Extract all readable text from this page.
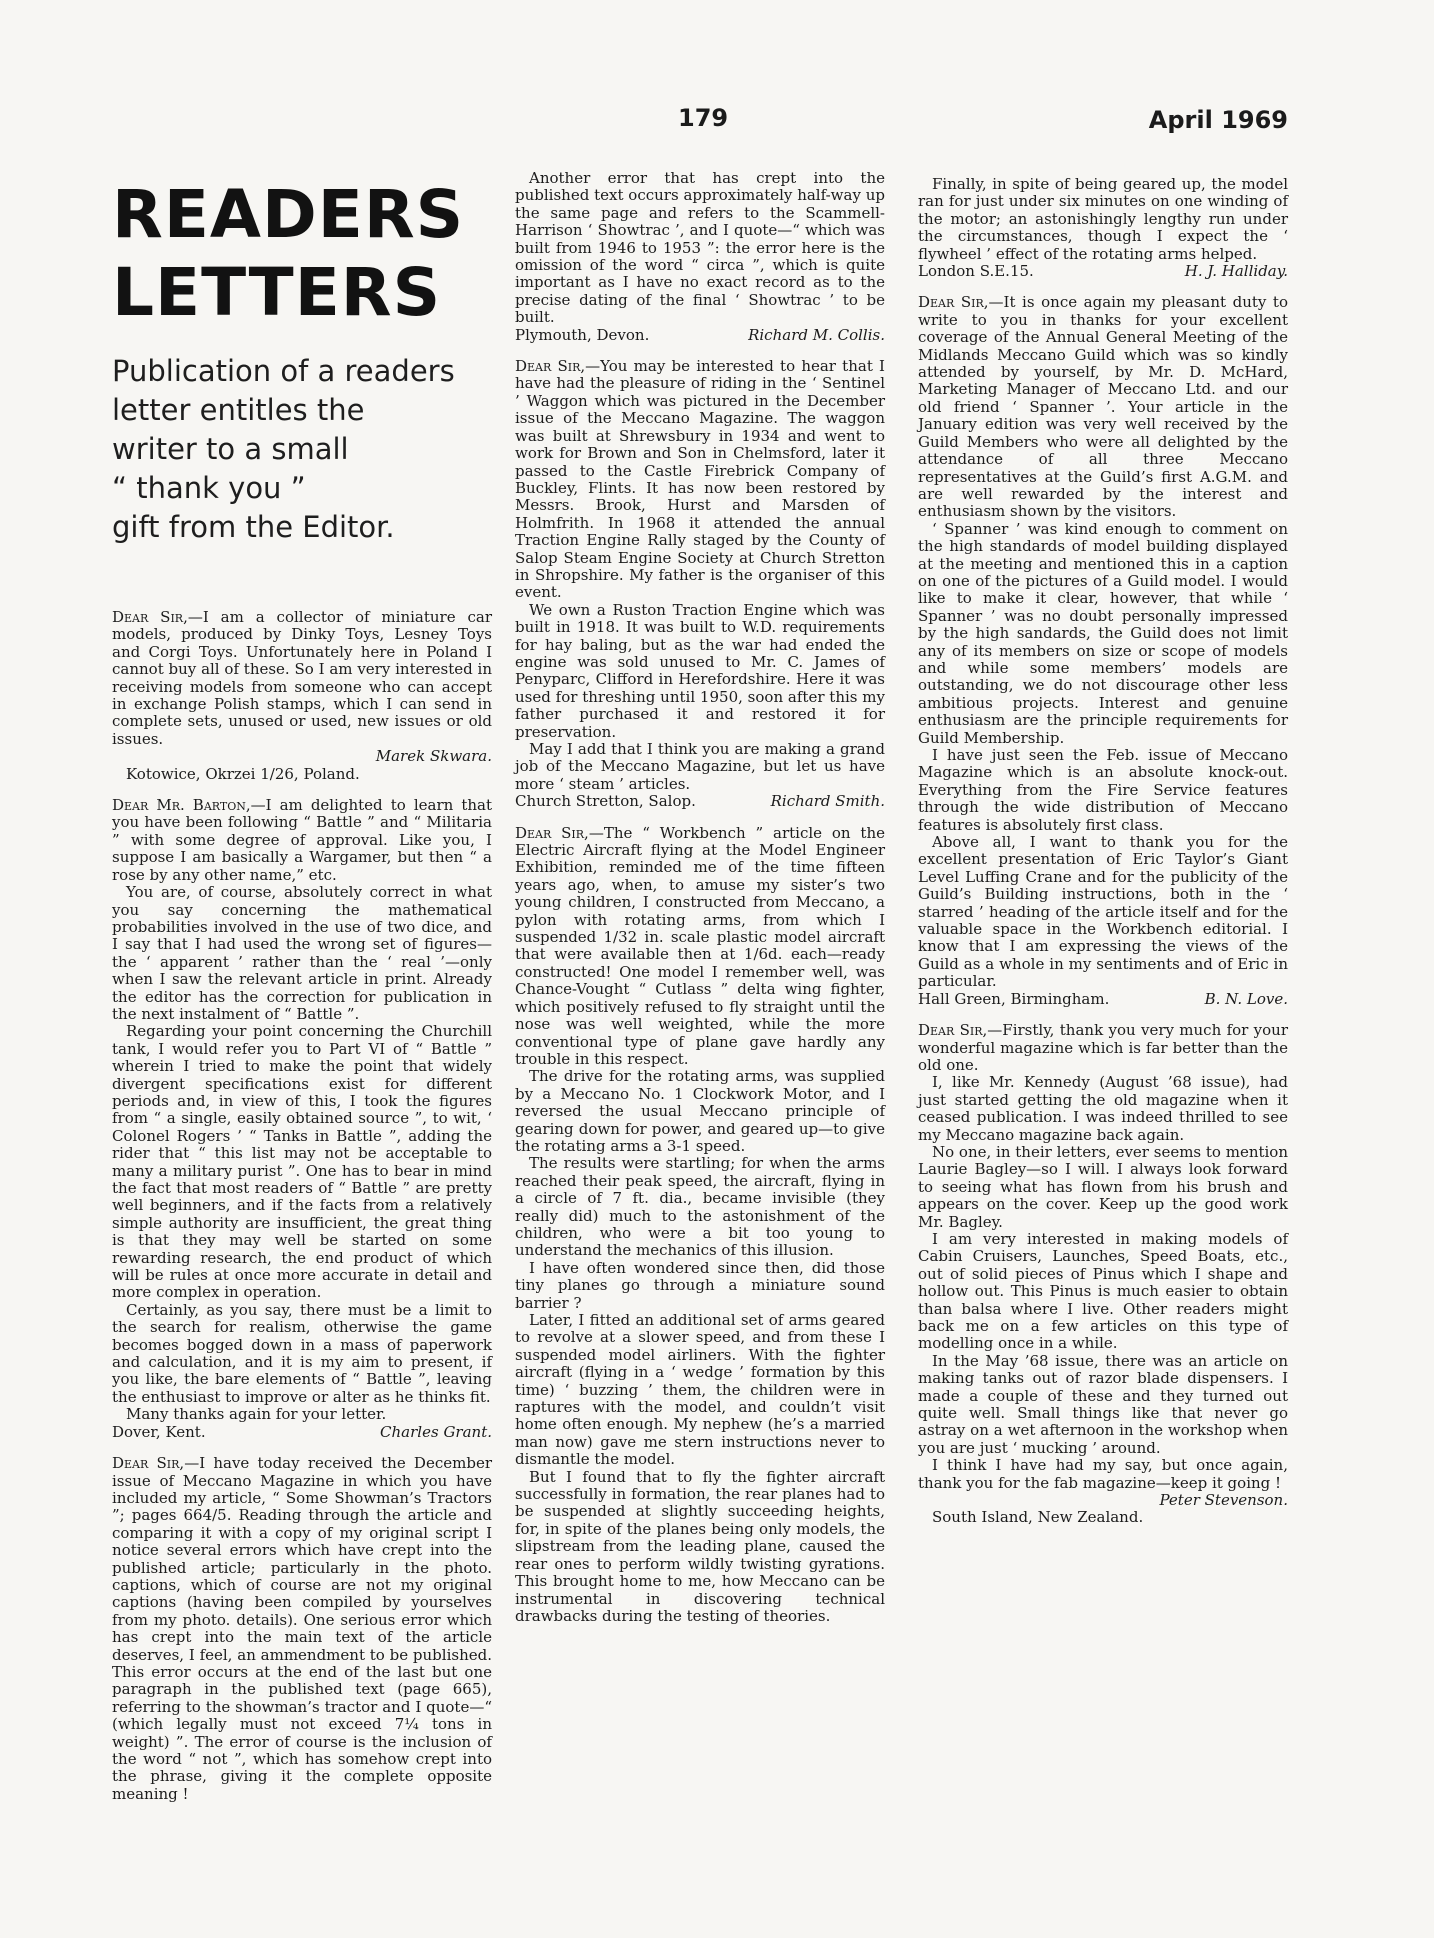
179	April 1969
READERS
LETTERS
Publication of a readers
letter entitles the
writer to a small
“ thank you ”
gift from the Editor.

Dear Sir,—I am a collector of miniature car models, produced by Dinky Toys, Lesney Toys and Corgi Toys. Unfortunately here in Poland I cannot buy all of these. So I am very interested in receiving models from someone who can accept in exchange Polish stamps, which I can send in complete sets, unused or used, new issues or old issues.

Marek Skwara.

Kotowice, Okrzei 1/26, Poland.

Dear Mr. Barton,—I am delighted to learn that you have been following “ Battle ” and “ Militaria ” with some degree of approval. Like you, I suppose I am basically a Wargamer, but then “ a rose by any other name,” etc.

You are, of course, absolutely correct in what you say concerning the mathematical probabilities involved in the use of two dice, and I say that I had used the wrong set of figures—the ‘ apparent ’ rather than the ‘ real ’—only when I saw the relevant article in print. Already the editor has the correction for publication in the next instalment of “ Battle ”.

Regarding your point concerning the Churchill tank, I would refer you to Part VI of “ Battle ” wherein I tried to make the point that widely divergent specifications exist for different periods and, in view of this, I took the figures from “ a single, easily obtained source ”, to wit, ‘ Colonel Rogers ’ “ Tanks in Battle ”, adding the rider that “ this list may not be acceptable to many a military purist ”. One has to bear in mind the fact that most readers of “ Battle ” are pretty well beginners, and if the facts from a relatively simple authority are insufficient, the great thing is that they may well be started on some rewarding research, the end product of which will be rules at once more accurate in detail and more complex in operation.

Certainly, as you say, there must be a limit to the search for realism, otherwise the game becomes bogged down in a mass of paperwork and calculation, and it is my aim to present, if you like, the bare elements of “ Battle ”, leaving the enthusiast to improve or alter as he thinks fit.

Many thanks again for your letter.

Dover, Kent.	Charles Grant.

Dear Sir,—I have today received the December issue of Meccano Magazine in which you have included my article, “ Some Showman’s Tractors ”; pages 664/5. Reading through the article and comparing it with a copy of my original script I notice several errors which have crept into the published article; particularly in the photo. captions, which of course are not my original captions (having been compiled by yourselves from my photo. details). One serious error which has crept into the main text of the article deserves, I feel, an ammendment to be published. This error occurs at the end of the last but one paragraph in the published text (page 665), referring to the showman’s tractor and I quote—“ (which legally must not exceed 7¼ tons in weight) ”. The error of course is the inclusion of the word “ not ”, which has somehow crept into the phrase, giving it the complete opposite meaning !

Another error that has crept into the published text occurs approximately half-way up the same page and refers to the Scammell-Harrison ‘ Showtrac ’, and I quote—“ which was built from 1946 to 1953 ”: the error here is the omission of the word “ circa ”, which is quite important as I have no exact record as to the precise dating of the final ‘ Showtrac ’ to be built.

Plymouth, Devon.	Richard M. Collis.

Dear Sir,—You may be interested to hear that I have had the pleasure of riding in the ‘ Sentinel ’ Waggon which was pictured in the December issue of the Meccano Magazine. The waggon was built at Shrewsbury in 1934 and went to work for Brown and Son in Chelmsford, later it passed to the Castle Firebrick Company of Buckley, Flints. It has now been restored by Messrs. Brook, Hurst and Marsden of Holmfrith. In 1968 it attended the annual Traction Engine Rally staged by the County of Salop Steam Engine Society at Church Stretton in Shropshire. My father is the organiser of this event.

We own a Ruston Traction Engine which was built in 1918. It was built to W.D. requirements for hay baling, but as the war had ended the engine was sold unused to Mr. C. James of Penyparc, Clifford in Herefordshire. Here it was used for threshing until 1950, soon after this my father purchased it and restored it for preservation.

May I add that I think you are making a grand job of the Meccano Magazine, but let us have more ‘ steam ’ articles.

Church Stretton, Salop.	Richard Smith.

Dear Sir,—The “ Workbench ” article on the Electric Aircraft flying at the Model Engineer Exhibition, reminded me of the time fifteen years ago, when, to amuse my sister’s two young children, I constructed from Meccano, a pylon with rotating arms, from which I suspended 1/32 in. scale plastic model aircraft that were available then at 1/6d. each—ready constructed! One model I remember well, was Chance-Vought “ Cutlass ” delta wing fighter, which positively refused to fly straight until the nose was well weighted, while the more conventional type of plane gave hardly any trouble in this respect.

The drive for the rotating arms, was supplied by a Meccano No. 1 Clockwork Motor, and I reversed the usual Meccano principle of gearing down for power, and geared up—to give the rotating arms a 3-1 speed.

The results were startling; for when the arms reached their peak speed, the aircraft, flying in a circle of 7 ft. dia., became invisible (they really did) much to the astonishment of the children, who were a bit too young to understand the mechanics of this illusion.

I have often wondered since then, did those tiny planes go through a miniature sound barrier ?

Later, I fitted an additional set of arms geared to revolve at a slower speed, and from these I suspended model airliners. With the fighter aircraft (flying in a ‘ wedge ’ formation by this time) ‘ buzzing ’ them, the children were in raptures with the model, and couldn’t visit home often enough. My nephew (he’s a married man now) gave me stern instructions never to dismantle the model.

But I found that to fly the fighter aircraft successfully in formation, the rear planes had to be suspended at slightly succeeding heights, for, in spite of the planes being only models, the slipstream from the leading plane, caused the rear ones to perform wildly twisting gyrations. This brought home to me, how Meccano can be instrumental in discovering technical drawbacks during the testing of theories.

Finally, in spite of being geared up, the model ran for just under six minutes on one winding of the motor; an astonishingly lengthy run under the circumstances, though I expect the ‘ flywheel ’ effect of the rotating arms helped.

London S.E.15.	H. J. Halliday.

Dear Sir,—It is once again my pleasant duty to write to you in thanks for your excellent coverage of the Annual General Meeting of the Midlands Meccano Guild which was so kindly attended by yourself, by Mr. D. McHard, Marketing Manager of Meccano Ltd. and our old friend ‘ Spanner ’. Your article in the January edition was very well received by the Guild Members who were all delighted by the attendance of all three Meccano representatives at the Guild’s first A.G.M. and are well rewarded by the interest and enthusiasm shown by the visitors.

‘ Spanner ’ was kind enough to comment on the high standards of model building displayed at the meeting and mentioned this in a caption on one of the pictures of a Guild model. I would like to make it clear, however, that while ‘ Spanner ’ was no doubt personally impressed by the high sandards, the Guild does not limit any of its members on size or scope of models and while some members’ models are outstanding, we do not discourage other less ambitious projects. Interest and genuine enthusiasm are the principle requirements for Guild Membership.

I have just seen the Feb. issue of Meccano Magazine which is an absolute knock-out. Everything from the Fire Service features through the wide distribution of Meccano features is absolutely first class.

Above all, I want to thank you for the excellent presentation of Eric Taylor’s Giant Level Luffing Crane and for the publicity of the Guild’s Building instructions, both in the ‘ starred ’ heading of the article itself and for the valuable space in the Workbench editorial. I know that I am expressing the views of the Guild as a whole in my sentiments and of Eric in particular.

Hall Green, Birmingham.	B. N. Love.

Dear Sir,—Firstly, thank you very much for your wonderful magazine which is far better than the old one.

I, like Mr. Kennedy (August ’68 issue), had just started getting the old magazine when it ceased publication. I was indeed thrilled to see my Meccano magazine back again.

No one, in their letters, ever seems to mention Laurie Bagley—so I will. I always look forward to seeing what has flown from his brush and appears on the cover. Keep up the good work Mr. Bagley.

I am very interested in making models of Cabin Cruisers, Launches, Speed Boats, etc., out of solid pieces of Pinus which I shape and hollow out. This Pinus is much easier to obtain than balsa where I live. Other readers might back me on a few articles on this type of modelling once in a while.

In the May ’68 issue, there was an article on making tanks out of razor blade dispensers. I made a couple of these and they turned out quite well. Small things like that never go astray on a wet afternoon in the workshop when you are just ‘ mucking ’ around.

I think I have had my say, but once again, thank you for the fab magazine—keep it going !

Peter Stevenson.

South Island, New Zealand.
